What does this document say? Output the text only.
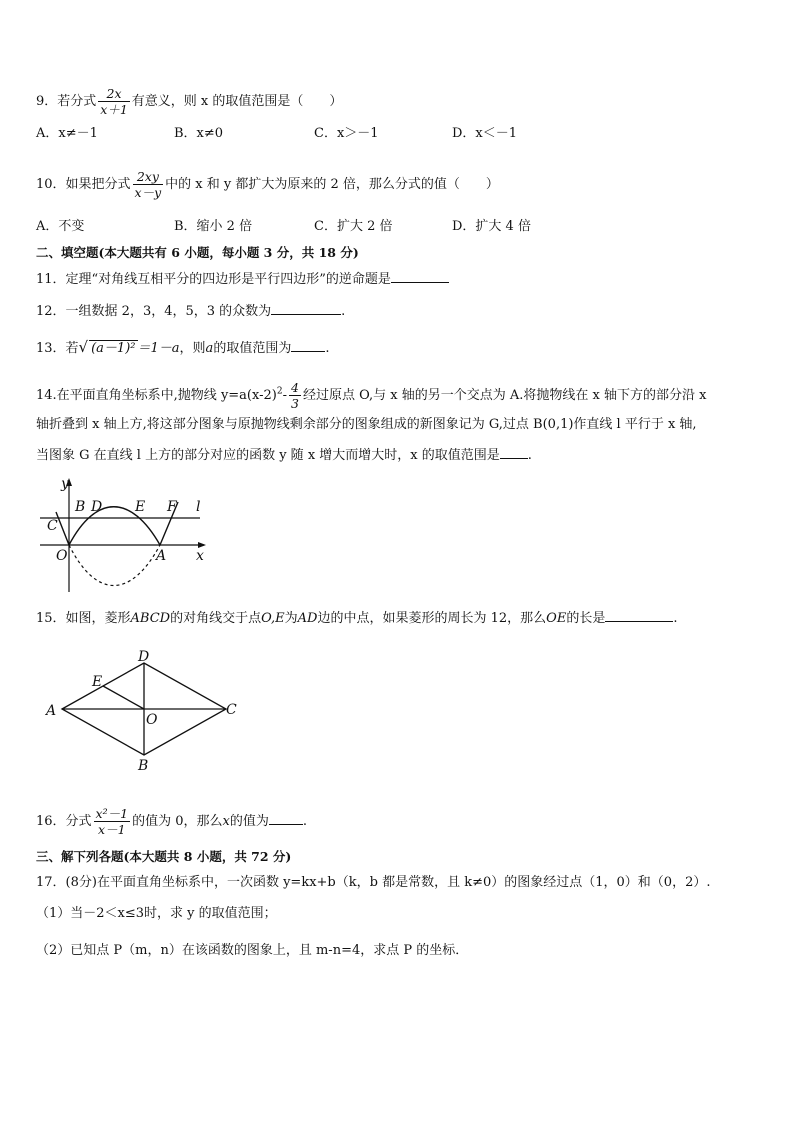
9．若分式 $\frac{2x}{x+1}$ 有意义，则 x 的取值范围是（　　）
A．x≠－1	B．x≠0	C．x＞－1	D．x＜－1
10．如果把分式 $\frac{2xy}{x-y}$ 中的 x 和 y 都扩大为原来的 2 倍，那么分式的值（　　）
A．不变	B．缩小 2 倍	C．扩大 2 倍	D．扩大 4 倍
二、填空题(本大题共有 6 小题，每小题 3 分，共 18 分)
11．定理“对角线互相平分的四边形是平行四边形”的逆命题是
12．一组数据 2，3，4，5，3 的众数为	.
13．若√ (a－1)² ＝1－a，则a的取值范围为	.
14.在平面直角坐标系中,抛物线 $y=a(x-2)^2- \frac{4}{3}$ 经过原点 O,与 x 轴的另一个交点为 A.将抛物线在 x 轴下方的部分沿 x
轴折叠到 x 轴上方,将这部分图象与原抛物线剩余部分的图象组成的新图象记为 G,过点 B(0,1)作直线 l 平行于 x 轴,
当图象 G 在直线 l 上方的部分对应的函数 y 随 x 增大而增大时，x 的取值范围是 .
y
x
B D E F l
C
O	A
15．如图，菱形ABCD的对角线交于点O,E为AD边的中点，如果菱形的周长为 12，那么OE的长是	.
A
D
C
B
E
O
16．分式 $\frac{\text{x²－1}}{x-1}$ 的值为 0，那么x的值为	.
三、解下列各题(本大题共 8 小题，共 72 分)
17．(8分)在平面直角坐标系中，一次函数 y=kx+b（k，b 都是常数，且 k≠0）的图象经过点（1，0）和（0，2）.
（1）当－2＜x≤3时，求 y 的取值范围；
（2）已知点 P（m，n）在该函数的图象上，且 m-n=4，求点 P 的坐标．
